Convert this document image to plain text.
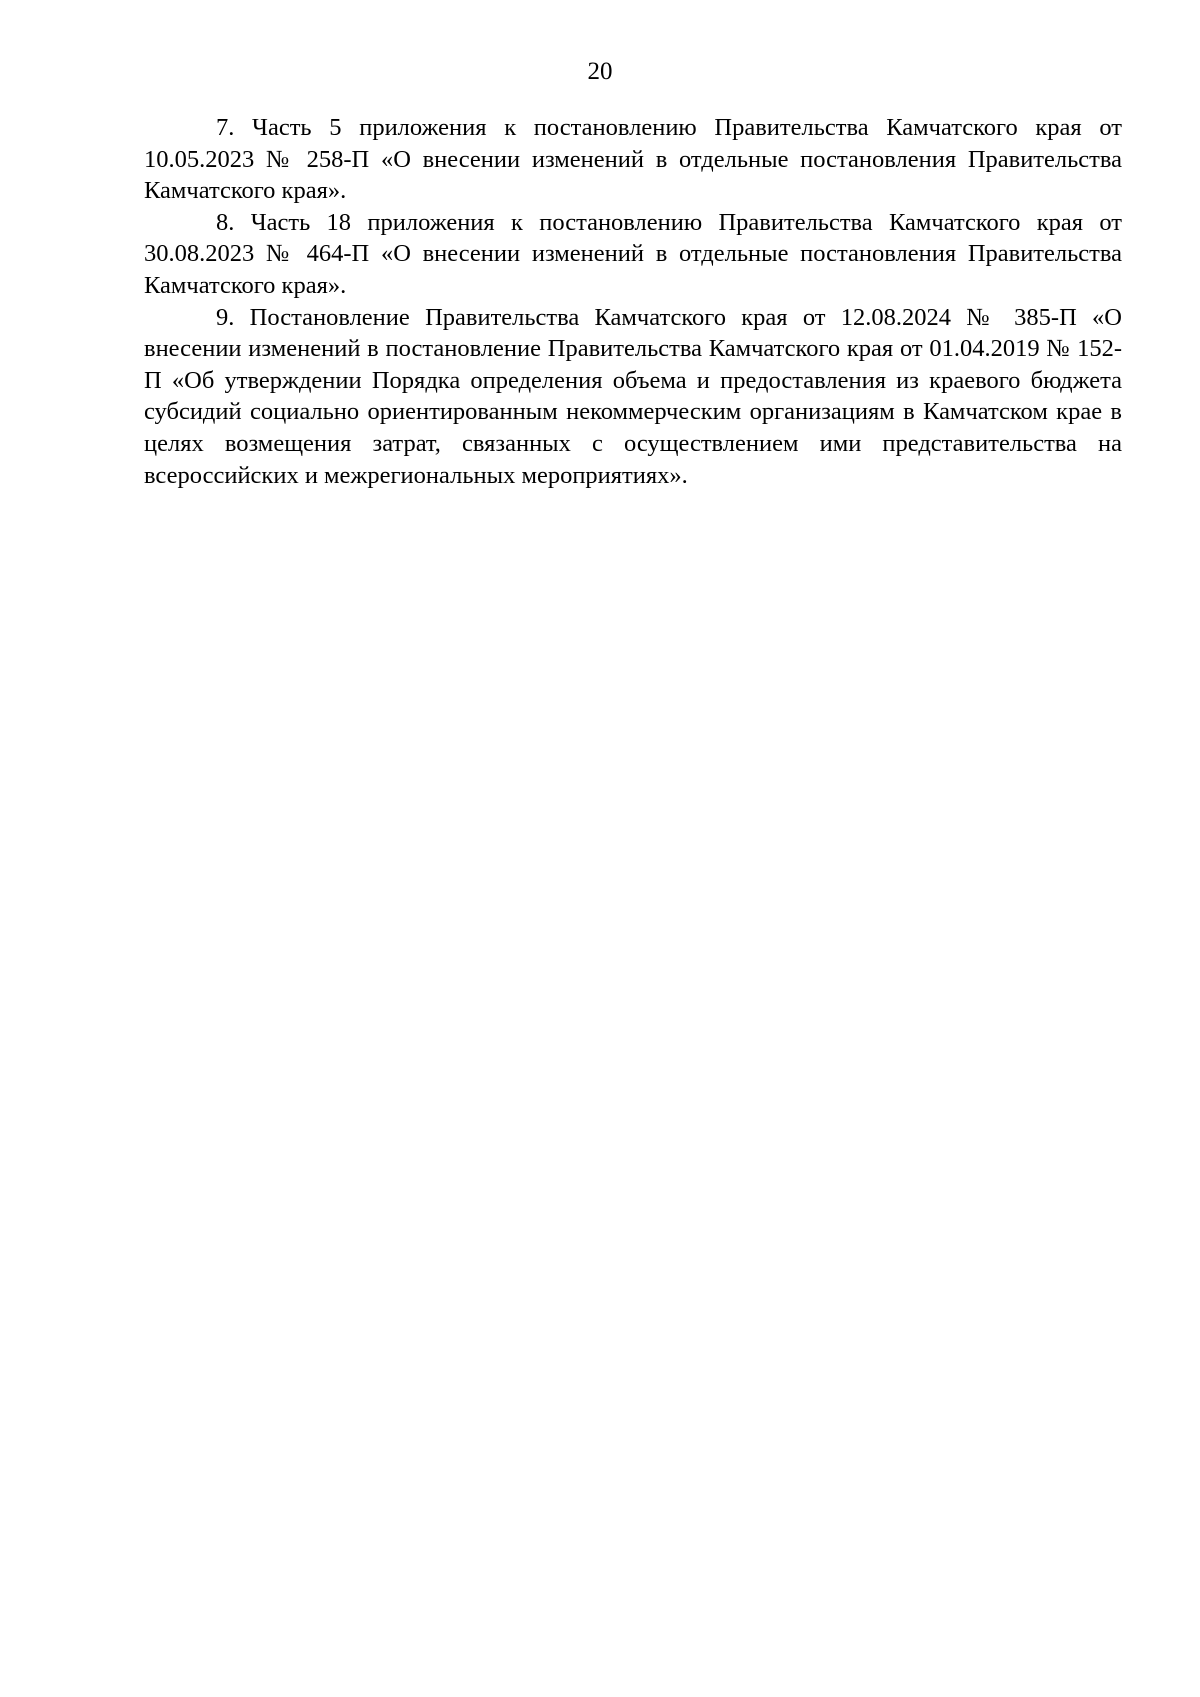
20

7. Часть 5 приложения к постановлению Правительства Камчатского края от 10.05.2023 № 258-П «О внесении изменений в отдельные постановления Правительства Камчатского края».

8. Часть 18 приложения к постановлению Правительства Камчатского края от 30.08.2023 № 464-П «О внесении изменений в отдельные постановления Правительства Камчатского края».

9. Постановление Правительства Камчатского края от 12.08.2024 № 385-П «О внесении изменений в постановление Правительства Камчатского края от 01.04.2019 № 152-П «Об утверждении Порядка определения объема и предоставления из краевого бюджета субсидий социально ориентированным некоммерческим организациям в Камчатском крае в целях возмещения затрат, связанных с осуществлением ими представительства на всероссийских и межрегиональных мероприятиях».
